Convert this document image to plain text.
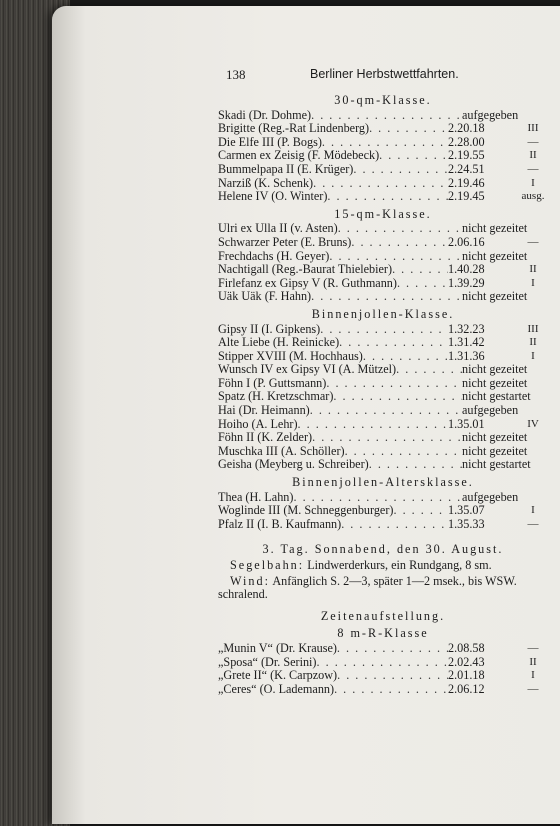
138	Berliner Herbstwettfahrten.
30-qm-Klasse.
Skadi (Dr. Dohme) . . .	aufgegeben
Brigitte (Reg.-Rat Lindenberg) . . .	2.20.18	III
Die Elfe III (P. Bogs) . . .	2.28.00	—
Carmen ex Zeisig (F. Mödebeck) . . .	2.19.55	II
Bummelpapa II (E. Krüger) . . .	2.24.51	—
Narziß (K. Schenk) . . .	2.19.46	I
Helene IV (O. Winter) . . .	2.19.45	ausg.
15-qm-Klasse.
Ulri ex Ulla II (v. Asten) . . .	nicht gezeitet
Schwarzer Peter (E. Bruns) . . .	2.06.16	—
Frechdachs (H. Geyer) . . .	nicht gezeitet
Nachtigall (Reg.-Baurat Thielebier) . . .	1.40.28	II
Firlefanz ex Gipsy V (R. Guthmann) . . .	1.39.29	I
Uäk Uäk (F. Hahn) . . .	nicht gezeitet
Binnenjollen-Klasse.
Gipsy II (I. Gipkens) . . .	1.32.23	III
Alte Liebe (H. Reinicke) . . .	1.31.42	II
Stipper XVIII (M. Hochhaus) . . .	1.31.36	I
Wunsch IV ex Gipsy VI (A. Mützel) . . .	nicht gezeitet
Föhn I (P. Guttsmann) . . .	nicht gezeitet
Spatz (H. Kretzschmar) . . .	nicht gestartet
Hai (Dr. Heimann) . . .	aufgegeben
Hoiho (A. Lehr) . . .	1.35.01	IV
Föhn II (K. Zelder) . . .	nicht gezeitet
Muschka III (A. Schöller) . . .	nicht gezeitet
Geisha (Meyberg u. Schreiber) . . .	nicht gestartet
Binnenjollen-Altersklasse.
Thea (H. Lahn) . . .	aufgegeben
Woglinde III (M. Schneggenburger) . . .	1.35.07	I
Pfalz II (I. B. Kaufmann) . . .	1.35.33	—
3. Tag. Sonnabend, den 30. August.
Segelbahn: Lindwerderkurs, ein Rundgang, 8 sm.
Wind: Anfänglich S. 2—3, später 1—2 msek., bis WSW. schralend.
Zeitenaufstellung.
8 m-R-Klasse
„Munin V“ (Dr. Krause) . . .	2.08.58	—
„Sposa“ (Dr. Serini) . . .	2.02.43	II
„Grete II“ (K. Carpzow) . . .	2.01.18	I
„Ceres“ (O. Lademann) . . .	2.06.12	—
